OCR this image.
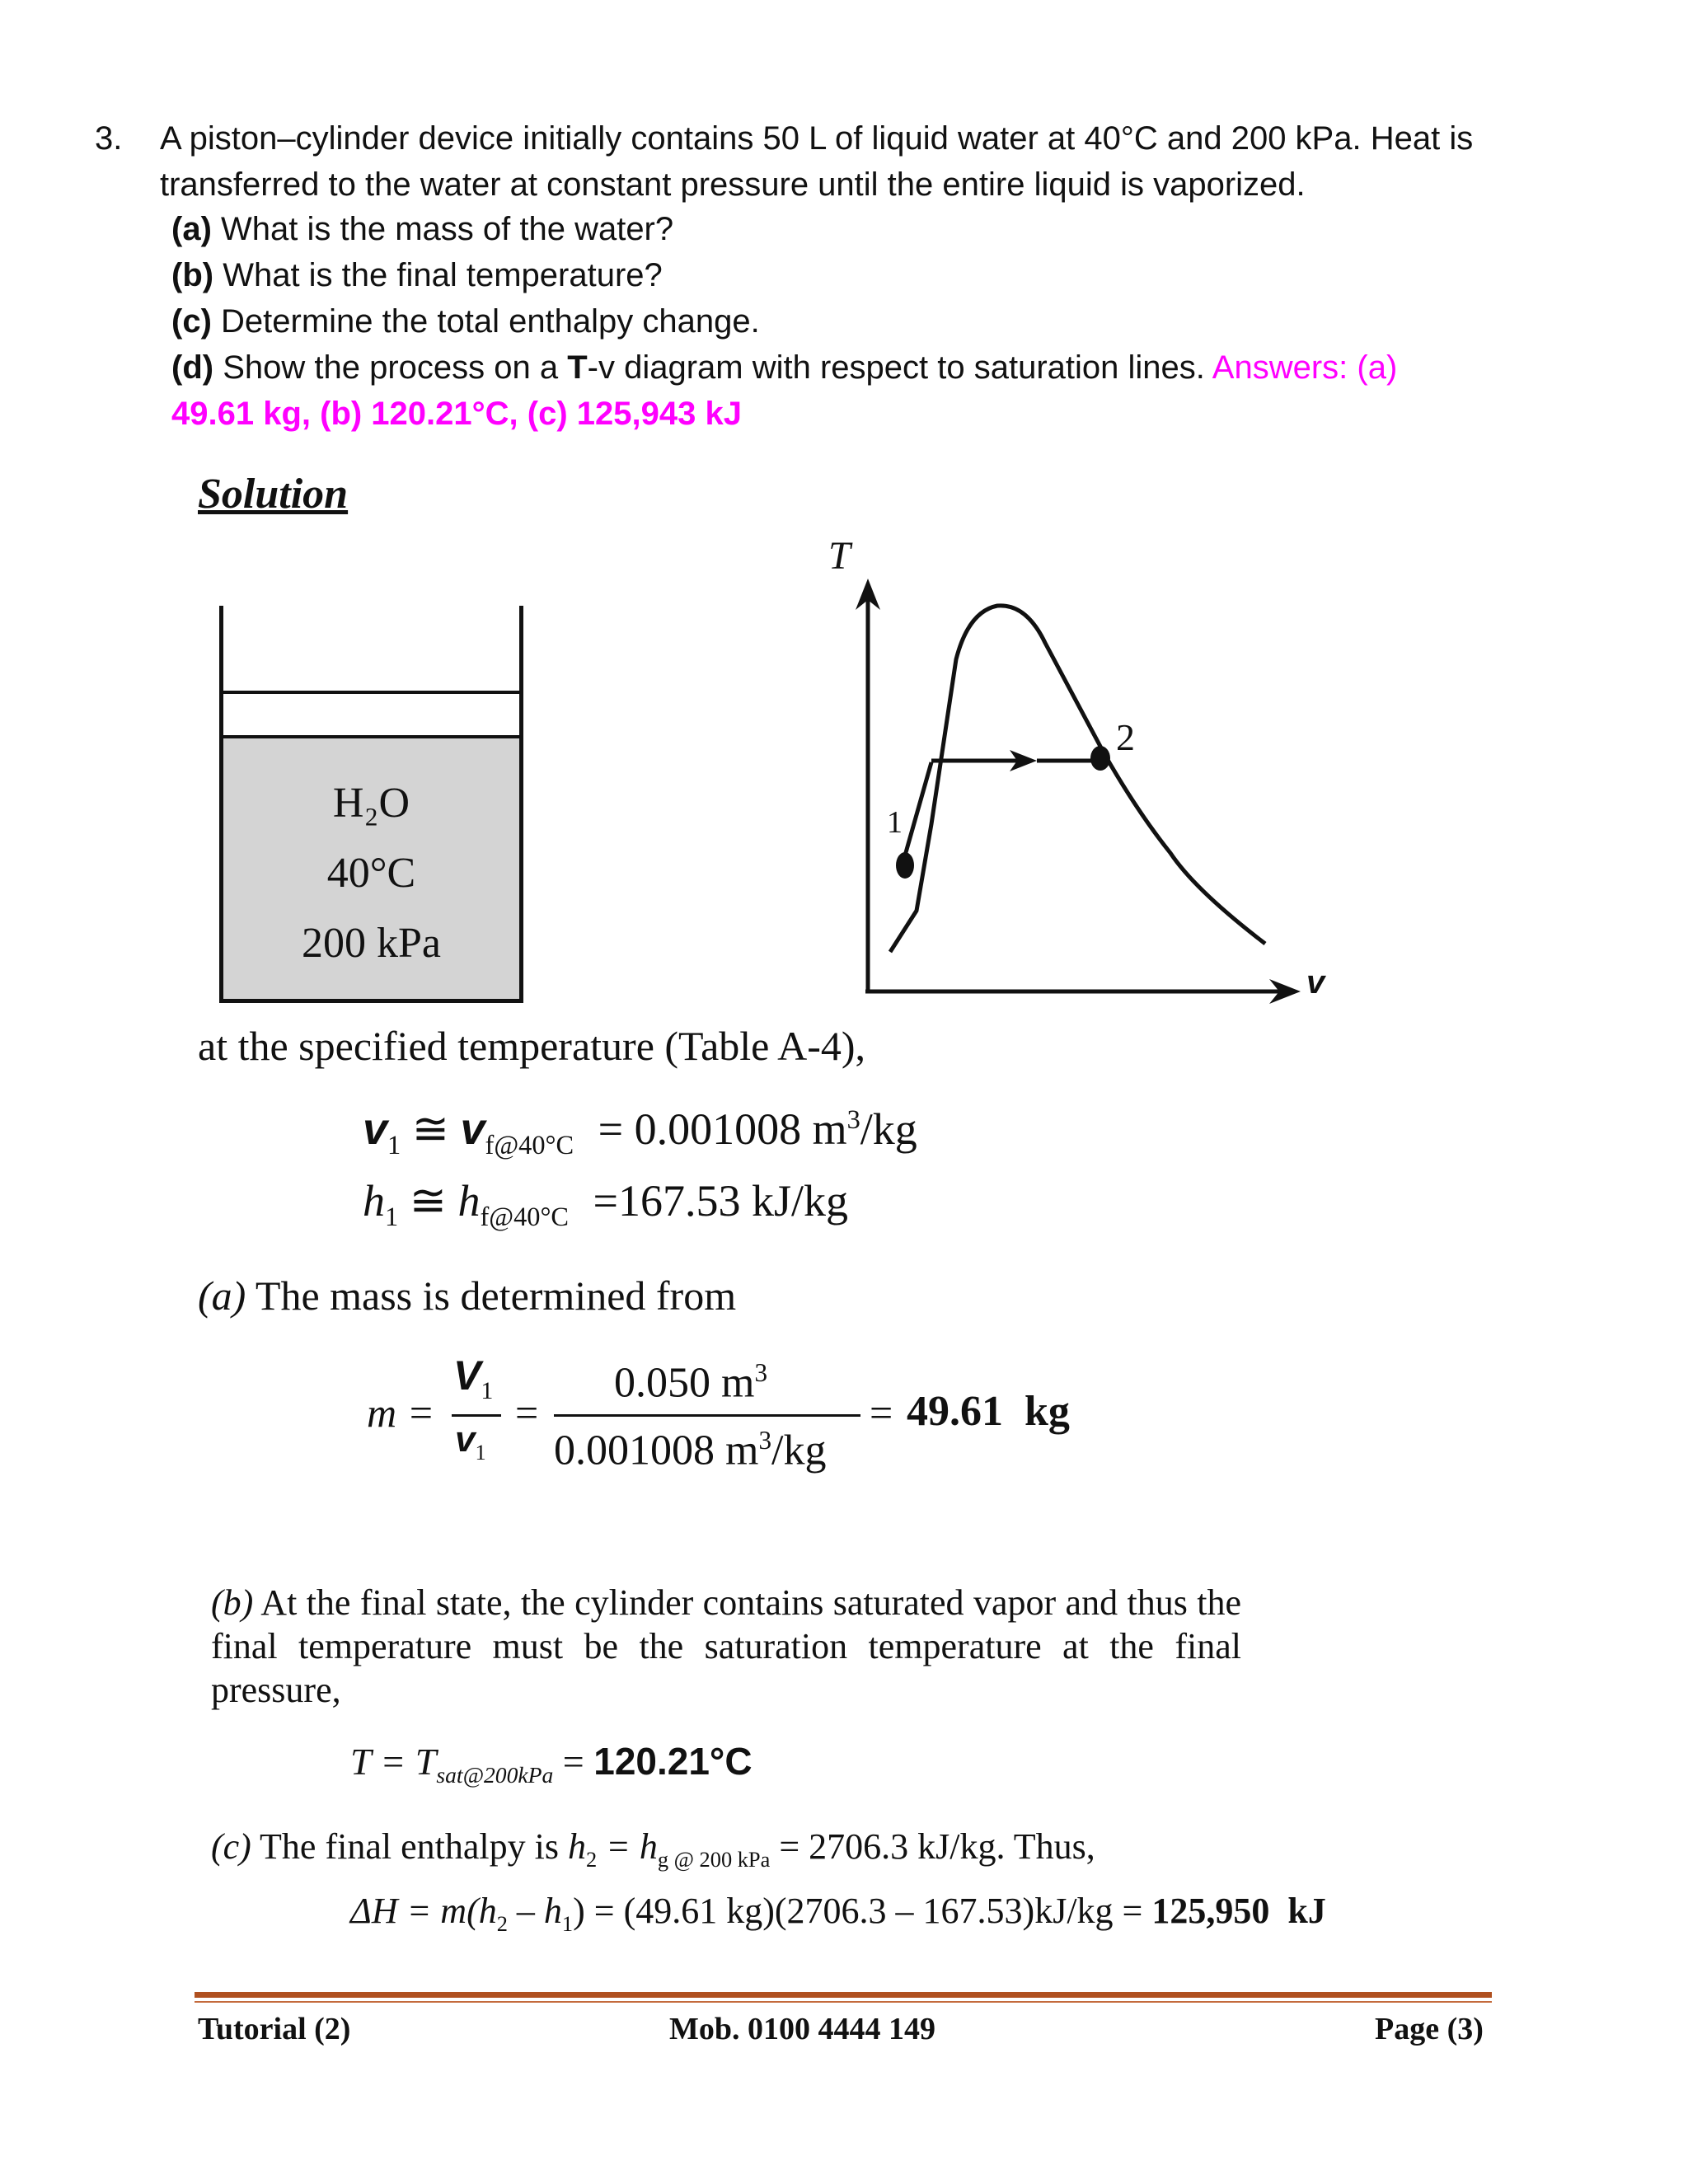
3. A piston–cylinder device initially contains 50 L of liquid water at 40°C and 200 kPa. Heat is transferred to the water at constant pressure until the entire liquid is vaporized.
(a) What is the mass of the water?
(b) What is the final temperature?
(c) Determine the total enthalpy change.
(d) Show the process on a T-v diagram with respect to saturation lines. Answers: (a)
49.61 kg, (b) 120.21°C, (c) 125,943 kJ
Solution
H₂O
40°C
200 kPa
T
v
1
2
at the specified temperature (Table A-4),
$v_1$ ≅ $v_{f@40^\circ C} = 0.001008$ $m^3/kg$
$h_1$ ≅ $h_{f@40^\circ C} =167.53$ kJ/kg
(a) The mass is determined from
m =
$V_1$
$v_1$
=
0.050 $m^3$
0.001008 $m^3/kg$
= 49.61  kg
(b) At the final state, the cylinder contains saturated vapor and thus the final temperature must be the saturation temperature at the final pressure,
$T = T_{sat@200kPa} = 120.21^\circ C$
(c) The final enthalpy is $h_2 = h_{g @ 200 kPa} = 2706.3$ kJ/kg. Thus,
$\Delta H = m(h_2 - h_1) = (49.61$ kg)(2706.3 – 167.53)kJ/kg = 125,950  kJ
Tutorial (2)	Mob. 0100 4444 149	Page (3)
